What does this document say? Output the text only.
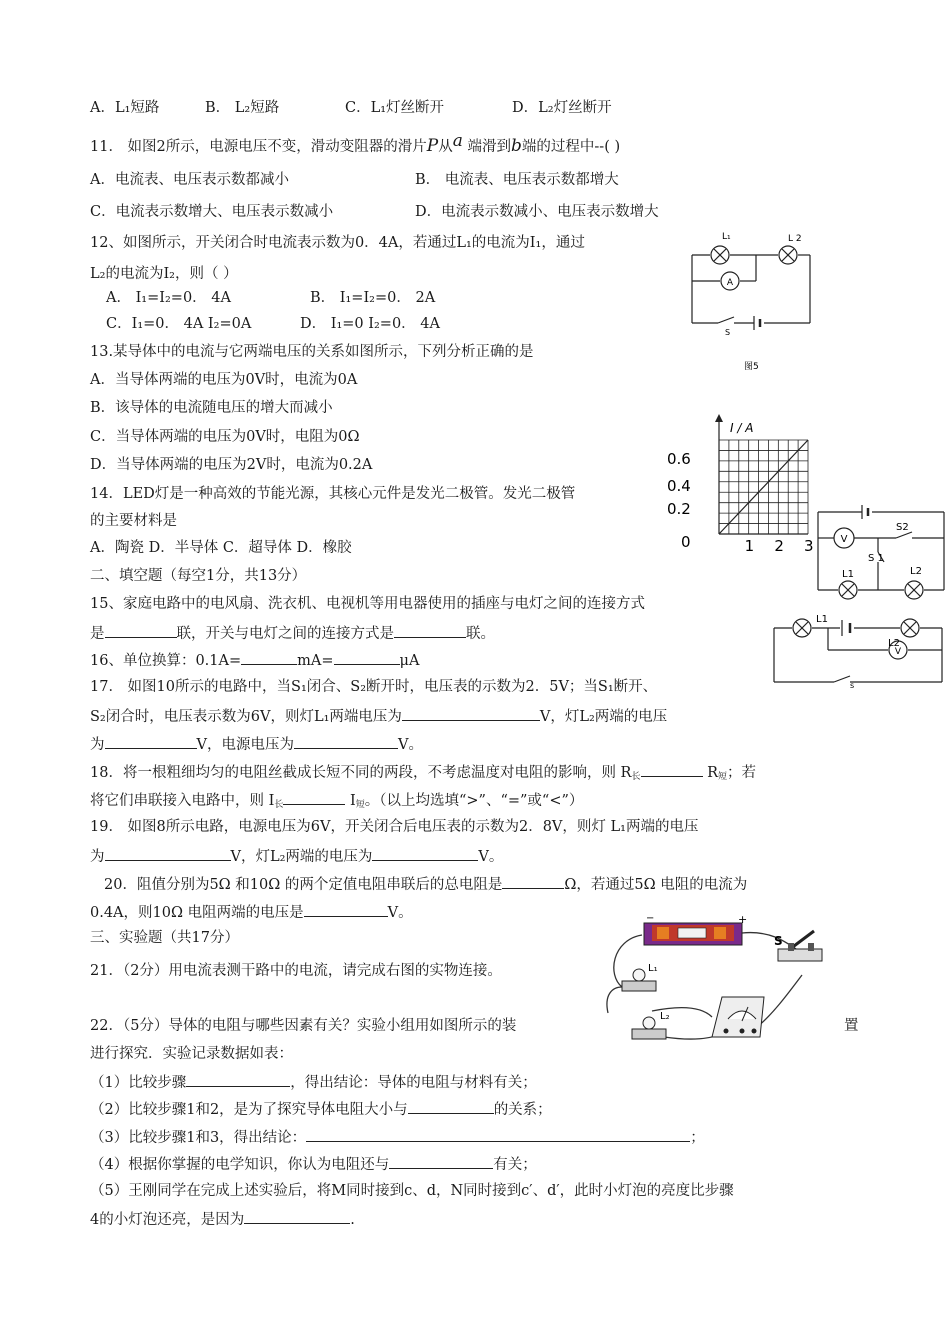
A．L₁短路	B． L₂短路	C．L₁灯丝断开	D．L₂灯丝断开
11． 如图2所示，电源电压不变，滑动变阻器的滑片P从a 端滑到b端的过程中--( )
A．电流表、电压表示数都减小	B． 电流表、电压表示数都增大
C．电流表示数增大、电压表示数减小	D．电流表示数减小、电压表示数增大
12、如图所示，开关闭合时电流表示数为0．4A，若通过L₁的电流为I₁，通过
L₂的电流为I₂，则（ ）
A． I₁=I₂=0． 4A	B． I₁=I₂=0． 2A
C．I₁=0． 4A I₂=0A	D． I₁=0 I₂=0． 4A
L₁	L 2
A
S
图5
13.某导体中的电流与它两端电压的关系如图所示，下列分析正确的是
A．当导体两端的电压为0V时，电流为0A
B．该导体的电流随电压的增大而减小
C．当导体两端的电压为0V时，电阻为0Ω
D．当导体两端的电压为2V时，电流为0.2A
14．LED灯是一种高效的节能光源，其核心元件是发光二极管。发光二极管
的主要材料是
A．陶瓷 D．半导体 C．超导体 D．橡胶
I / A
0	1 2 3
0.2
0.4
0.6
V
S2
S 1
L1	L2
L1
L2
V
s
二、填空题（每空1分，共13分）
15、家庭电路中的电风扇、洗衣机、电视机等用电器使用的插座与电灯之间的连接方式
是	联，开关与电灯之间的连接方式是	联。
16、单位换算：0.1A=	mA=	μA
17． 如图10所示的电路中，当S₁闭合、S₂断开时，电压表的示数为2．5V；当S₁断开、
S₂闭合时，电压表示数为6V，则灯L₁两端电压为	V，灯L₂两端的电压
为	V，电源电压为	V。
18．将一根粗细均匀的电阻丝截成长短不同的两段，不考虑温度对电阻的影响，则 $R_长$	$R_短$；若
将它们串联接入电路中，则 $I_长$	$I_短$。（以上均选填“>”、“=”或“<”）
19． 如图8所示电路，电源电压为6V，开关闭合后电压表的示数为2．8V，则灯 L₁两端的电压
为	V，灯L₂两端的电压为	V。
20．阻值分别为5Ω 和10Ω 的两个定值电阻串联后的总电阻是	Ω，若通过5Ω 电阻的电流为
0.4A，则10Ω 电阻两端的电压是	V。
三、实验题（共17分）
21．（2分）用电流表测干路中的电流，请完成右图的实物连接。
−	+
S
L₁
L₂
22．（5分）导体的电阻与哪些因素有关？实验小组用如图所示的装	置
进行探究．实验记录数据如表：
（1）比较步骤	，得出结论：导体的电阻与材料有关；
（2）比较步骤1和2，是为了探究导体电阻大小与	的关系；
（3）比较步骤1和3，得出结论：	；
（4）根据你掌握的电学知识，你认为电阻还与	有关；
（5）王刚同学在完成上述实验后，将M同时接到c、d，N同时接到c′、d′，此时小灯泡的亮度比步骤
4的小灯泡还亮，是因为	.
